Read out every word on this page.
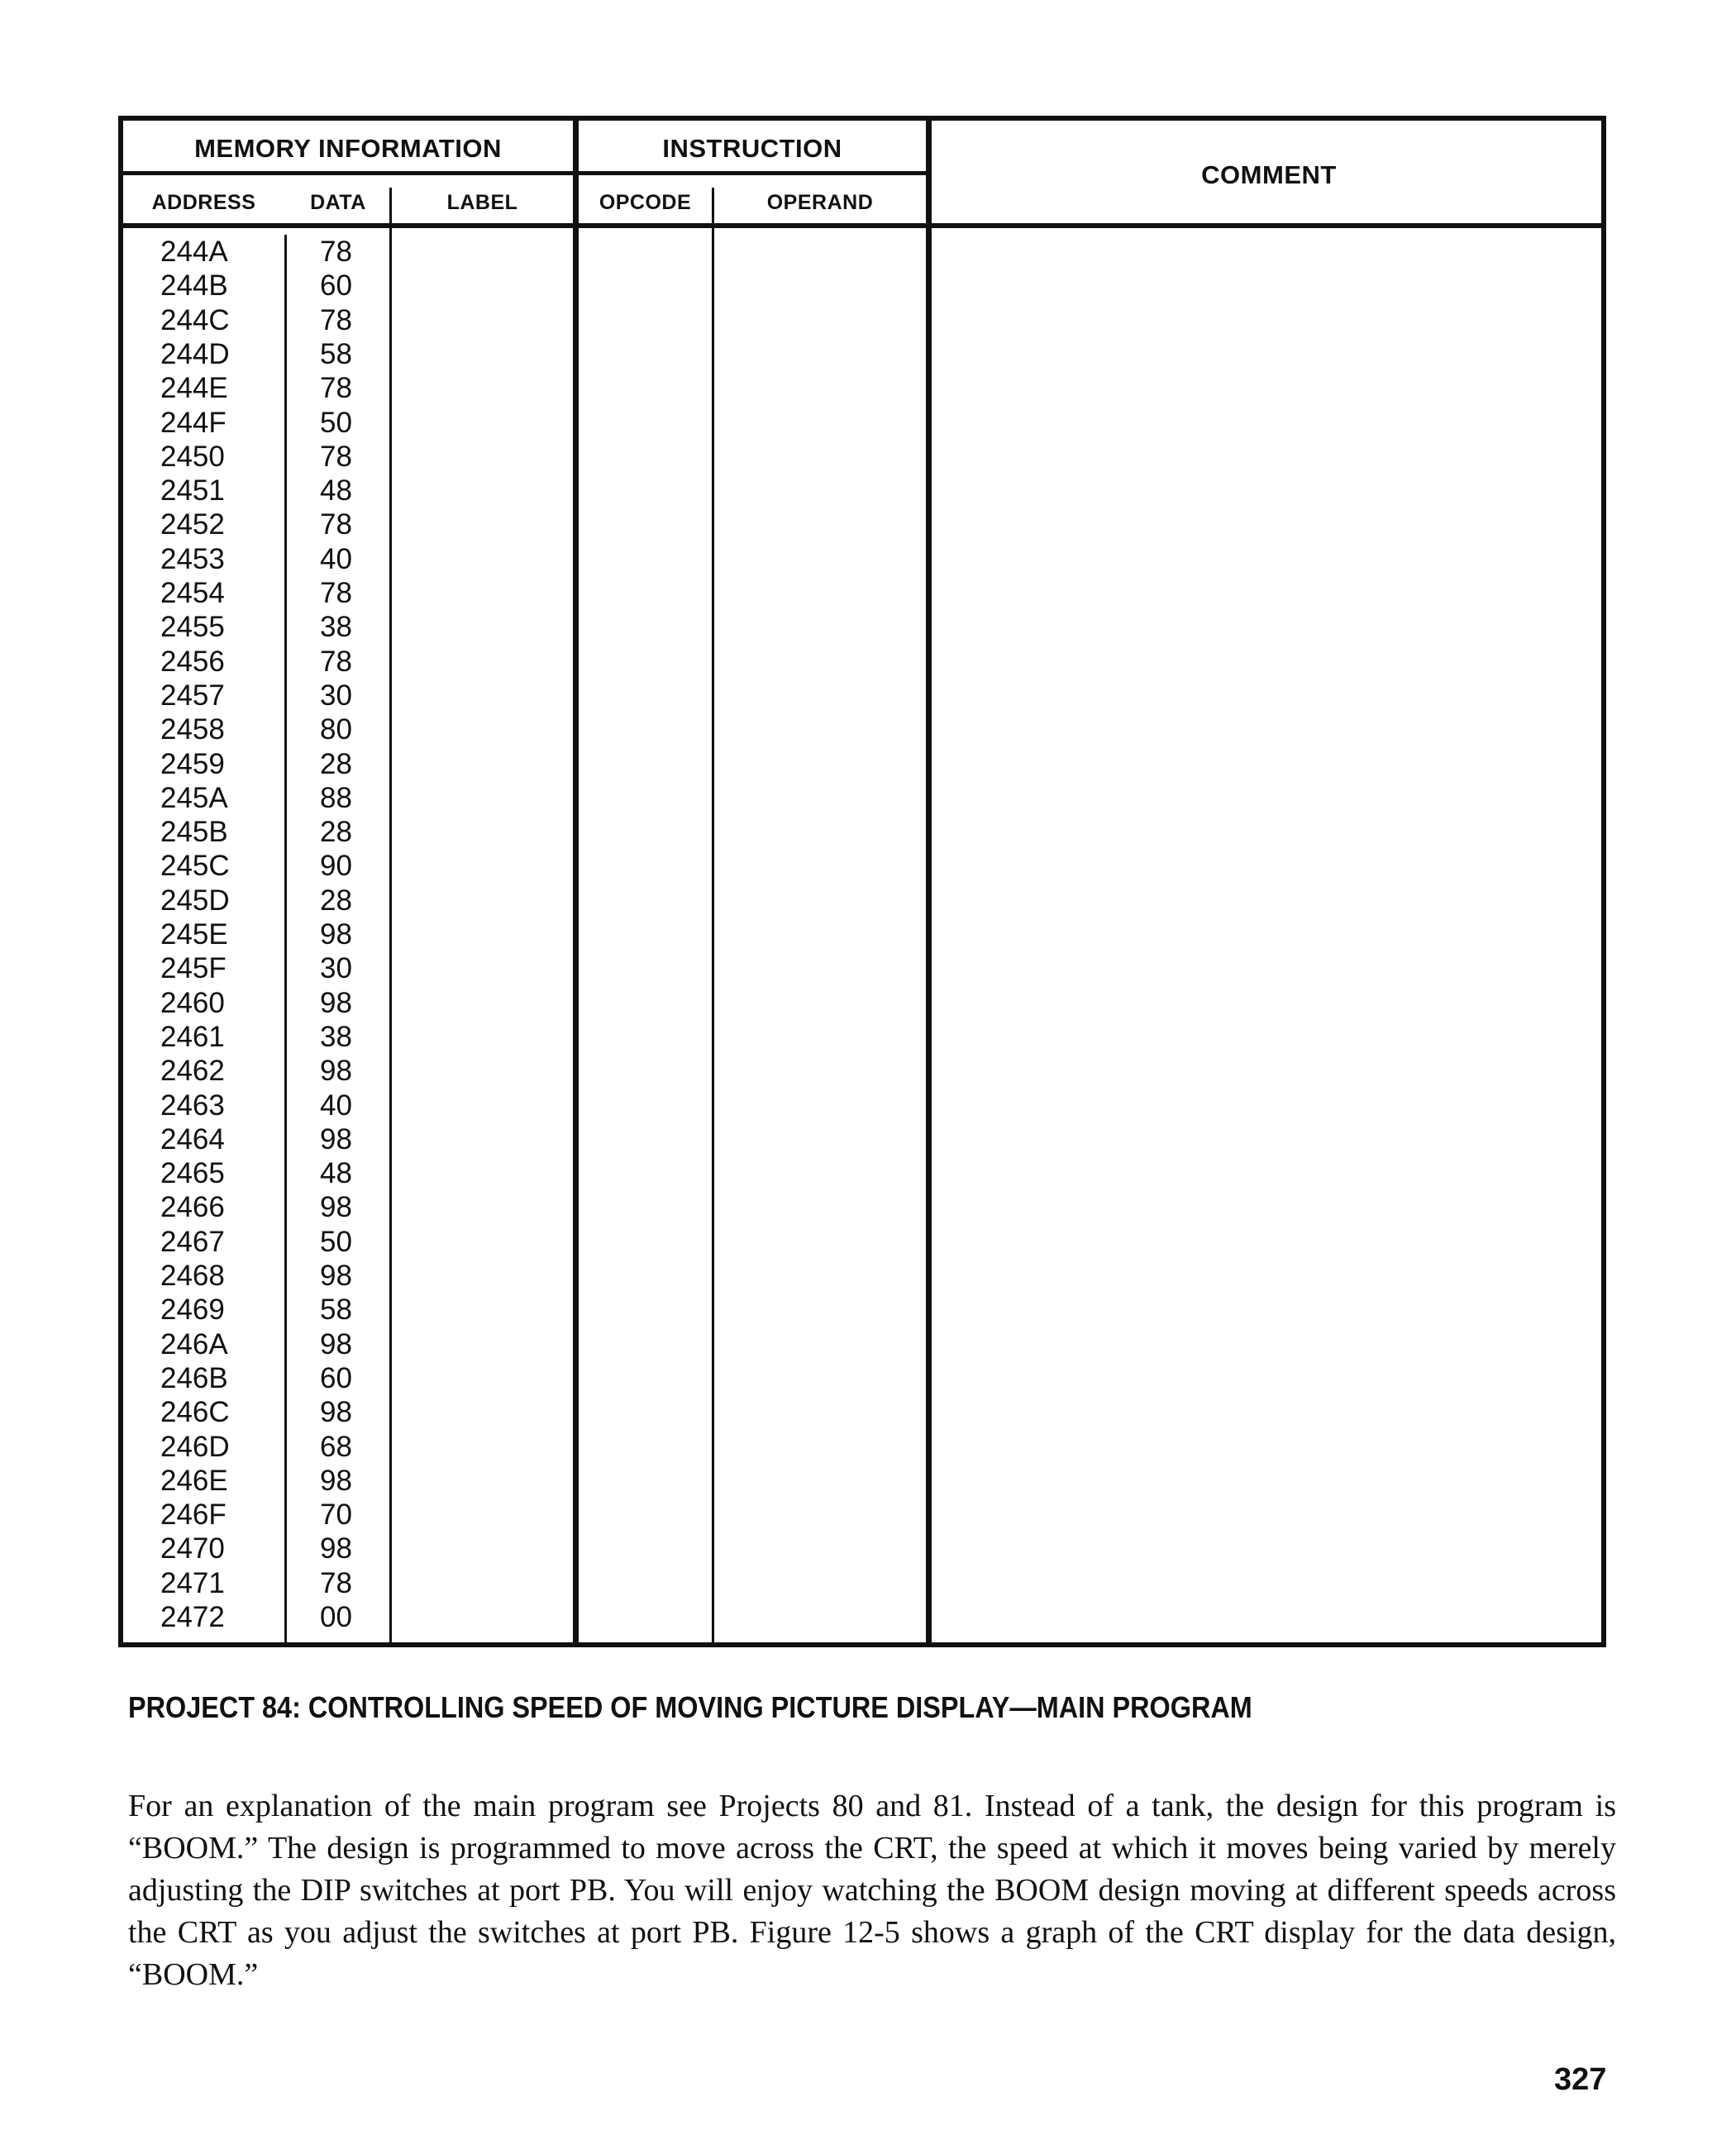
MEMORY INFORMATION	INSTRUCTION
COMMENT
ADDRESS	DATA	LABEL	OPCODE	OPERAND
244A	78
244B	60
244C	78
244D	58
244E	78
244F	50
2450	78
2451	48
2452	78
2453	40
2454	78
2455	38
2456	78
2457	30
2458	80
2459	28
245A	88
245B	28
245C	90
245D	28
245E	98
245F	30
2460	98
2461	38
2462	98
2463	40
2464	98
2465	48
2466	98
2467	50
2468	98
2469	58
246A	98
246B	60
246C	98
246D	68
246E	98
246F	70
2470	98
2471	78
2472	00
PROJECT 84: CONTROLLING SPEED OF MOVING PICTURE DISPLAY—MAIN PROGRAM
For an explanation of the main program see Projects 80 and 81. Instead of a tank, the design for this program is “BOOM.” The design is programmed to move across the CRT, the speed at which it moves being varied by merely adjusting the DIP switches at port PB. You will enjoy watching the BOOM design moving at different speeds across the CRT as you adjust the switches at port PB. Figure 12-5 shows a graph of the CRT display for the data design, “BOOM.”
327
